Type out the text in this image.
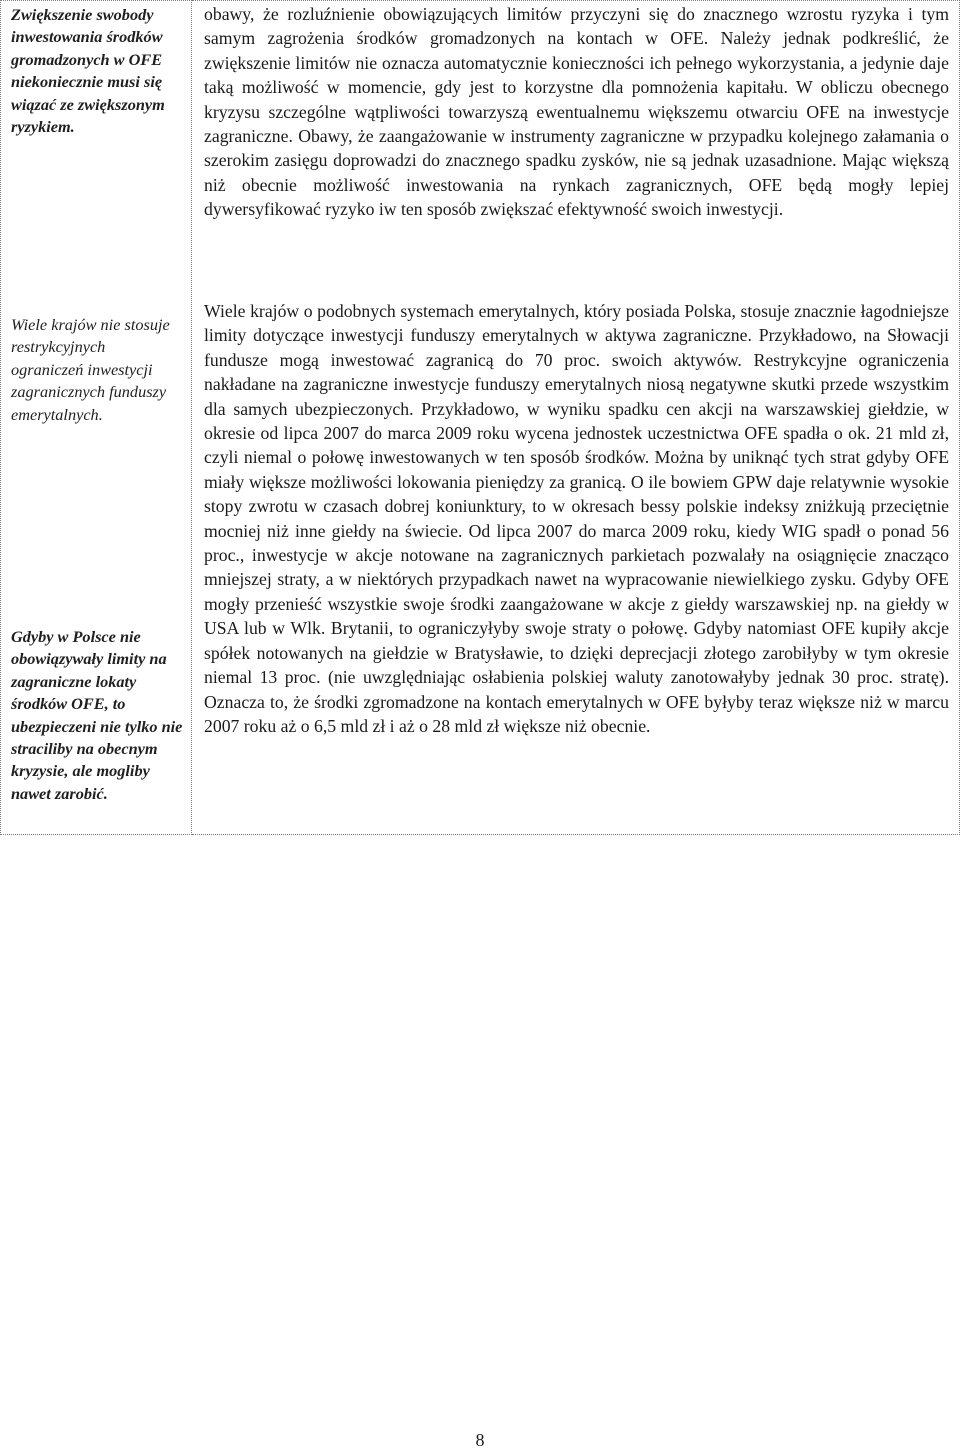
Zwiększenie swobody inwestowania środków gromadzonych w OFE niekoniecznie musi się wiązać ze zwiększonym ryzykiem.

Wiele krajów nie stosuje restrykcyjnych ograniczeń inwestycji zagranicznych funduszy emerytalnych.

Gdyby w Polsce nie obowiązywały limity na zagraniczne lokaty środków OFE, to ubezpieczeni nie tylko nie straciliby na obecnym kryzysie, ale mogliby nawet zarobić.

obawy, że rozluźnienie obowiązujących limitów przyczyni się do znacznego wzrostu ryzyka i tym samym zagrożenia środków gromadzonych na kontach w OFE. Należy jednak podkreślić, że zwiększenie limitów nie oznacza automatycznie konieczności ich pełnego wykorzystania, a jedynie daje taką możliwość w momencie, gdy jest to korzystne dla pomnożenia kapitału. W obliczu obecnego kryzysu szczególne wątpliwości towarzyszą ewentualnemu większemu otwarciu OFE na inwestycje zagraniczne. Obawy, że zaangażowanie w instrumenty zagraniczne w przypadku kolejnego załamania o szerokim zasięgu doprowadzi do znacznego spadku zysków, nie są jednak uzasadnione. Mając większą niż obecnie możliwość inwestowania na rynkach zagranicznych, OFE będą mogły lepiej dywersyfikować ryzyko iw ten sposób zwiększać efektywność swoich inwestycji.

Wiele krajów o podobnych systemach emerytalnych, który posiada Polska, stosuje znacznie łagodniejsze limity dotyczące inwestycji funduszy emerytalnych w aktywa zagraniczne. Przykładowo, na Słowacji fundusze mogą inwestować zagranicą do 70 proc. swoich aktywów. Restrykcyjne ograniczenia nakładane na zagraniczne inwestycje funduszy emerytalnych niosą negatywne skutki przede wszystkim dla samych ubezpieczonych. Przykładowo, w wyniku spadku cen akcji na warszawskiej giełdzie, w okresie od lipca 2007 do marca 2009 roku wycena jednostek uczestnictwa OFE spadła o ok. 21 mld zł, czyli niemal o połowę inwestowanych w ten sposób środków. Można by uniknąć tych strat gdyby OFE miały większe możliwości lokowania pieniędzy za granicą. O ile bowiem GPW daje relatywnie wysokie stopy zwrotu w czasach dobrej koniunktury, to w okresach bessy polskie indeksy zniżkują przeciętnie mocniej niż inne giełdy na świecie. Od lipca 2007 do marca 2009 roku, kiedy WIG spadł o ponad 56 proc., inwestycje w akcje notowane na zagranicznych parkietach pozwalały na osiągnięcie znacząco mniejszej straty, a w niektórych przypadkach nawet na wypracowanie niewielkiego zysku. Gdyby OFE mogły przenieść wszystkie swoje środki zaangażowane w akcje z giełdy warszawskiej np. na giełdy w USA lub w Wlk. Brytanii, to ograniczyłyby swoje straty o połowę. Gdyby natomiast OFE kupiły akcje spółek notowanych na giełdzie w Bratysławie, to dzięki deprecjacji złotego zarobiłyby w tym okresie niemal 13 proc. (nie uwzględniając osłabienia polskiej waluty zanotowałyby jednak 30 proc. stratę). Oznacza to, że środki zgromadzone na kontach emerytalnych w OFE byłyby teraz większe niż w marcu 2007 roku aż o 6,5 mld zł i aż o 28 mld zł większe niż obecnie.

8
